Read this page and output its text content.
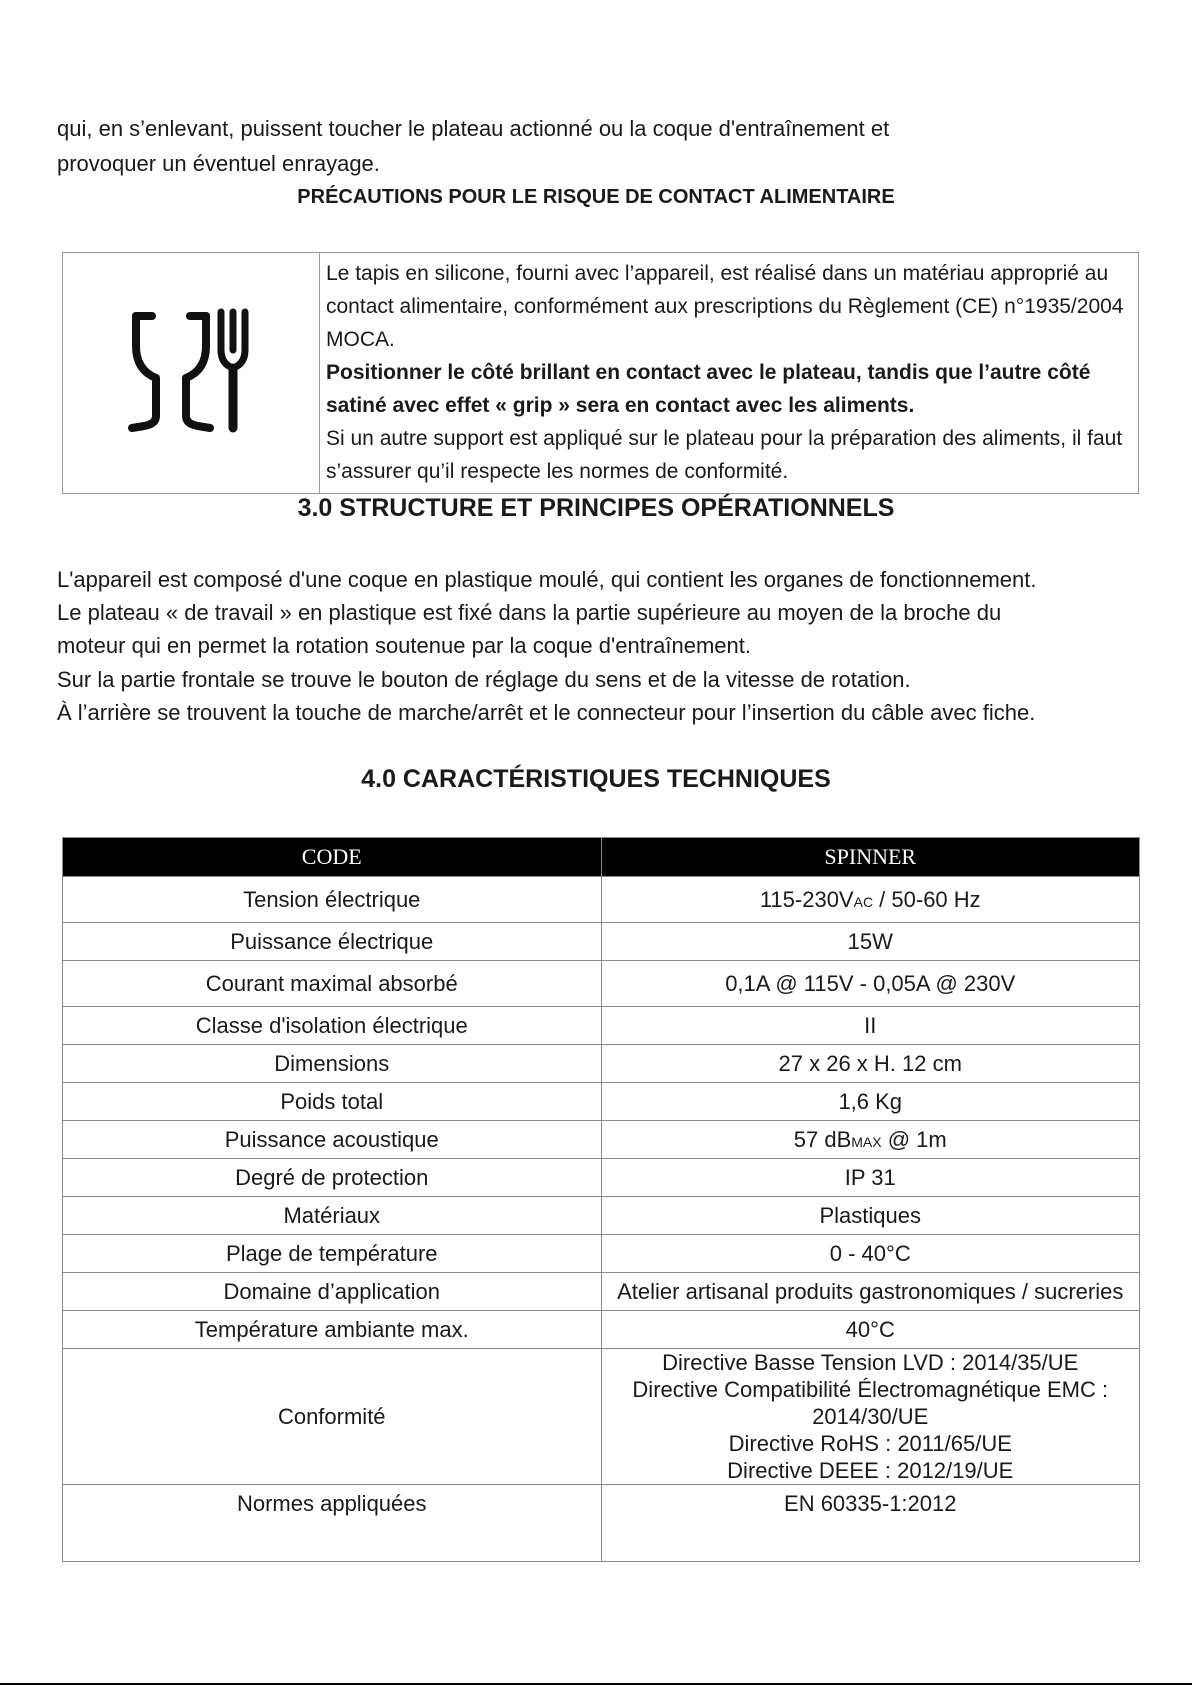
qui, en s’enlevant, puissent toucher le plateau actionné ou la coque d'entraînement et

provoquer un éventuel enrayage.

PRÉCAUTIONS POUR LE RISQUE DE CONTACT ALIMENTAIRE

Le tapis en silicone, fourni avec l’appareil, est réalisé dans un matériau approprié au contact alimentaire, conformément aux prescriptions du Règlement (CE) n°1935/2004 MOCA.

Positionner le côté brillant en contact avec le plateau, tandis que l’autre côté satiné avec effet « grip » sera en contact avec les aliments.

Si un autre support est appliqué sur le plateau pour la préparation des aliments, il faut s’assurer qu’il respecte les normes de conformité.

3.0 STRUCTURE ET PRINCIPES OPÉRATIONNELS

L'appareil est composé d'une coque en plastique moulé, qui contient les organes de fonctionnement.

Le plateau « de travail » en plastique est fixé dans la partie supérieure au moyen de la broche du

moteur qui en permet la rotation soutenue par la coque d'entraînement.

Sur la partie frontale se trouve le bouton de réglage du sens et de la vitesse de rotation.

À l’arrière se trouvent la touche de marche/arrêt et le connecteur pour l’insertion du câble avec fiche.

4.0 CARACTÉRISTIQUES TECHNIQUES

CODE	SPINNER
Tension électrique	115-230VAC / 50-60 Hz
Puissance électrique	15W
Courant maximal absorbé	0,1A @ 115V - 0,05A @ 230V
Classe d'isolation électrique	II
Dimensions	27 x 26 x H. 12 cm
Poids total	1,6 Kg
Puissance acoustique	57 dBMAX @ 1m
Degré de protection	IP 31
Matériaux	Plastiques
Plage de température	0 - 40°C
Domaine d’application	Atelier artisanal produits gastronomiques / sucreries
Température ambiante max.	40°C
Conformité	Directive Basse Tension LVD : 2014/35/UE
Directive Compatibilité Électromagnétique EMC : 2014/30/UE
Directive RoHS : 2011/65/UE
Directive DEEE : 2012/19/UE

Normes appliquées	EN 60335-1:2012
